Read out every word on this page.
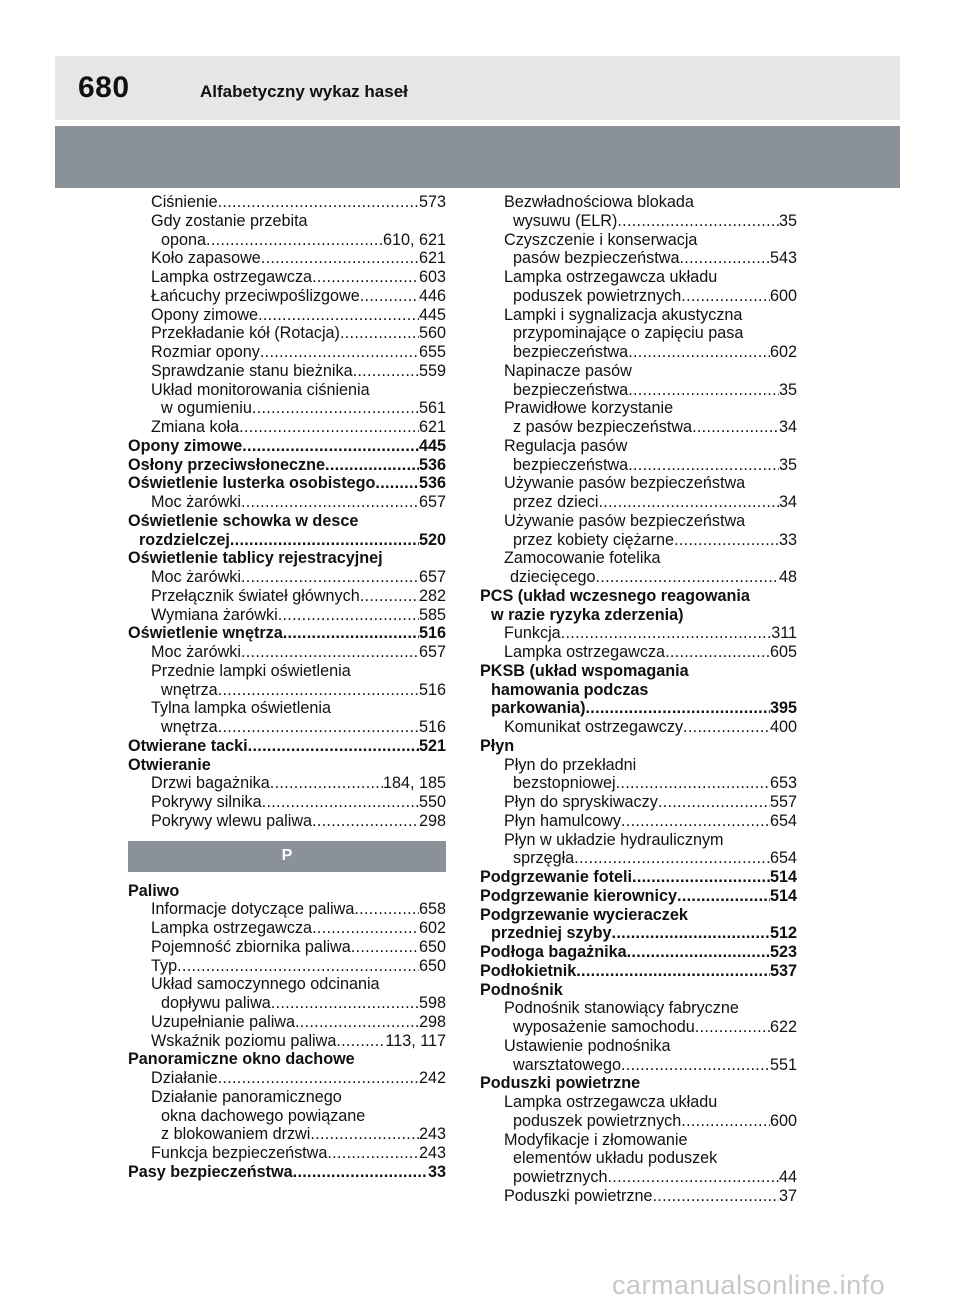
680	Alfabetyczny wykaz haseł
Ciśnienie .....	573
Gdy zostanie przebita
opona .....	610, 621
Koło zapasowe .....	621
Lampka ostrzegawcza .....	603
Łańcuchy przeciwpoślizgowe .....	446
Opony zimowe .....	445
Przekładanie kół (Rotacja) .....	560
Rozmiar opony .....	655
Sprawdzanie stanu bieżnika .....	559
Układ monitorowania ciśnienia
w ogumieniu .....	561
Zmiana koła .....	621
Opony zimowe .....	445
Osłony przeciwsłoneczne .....	536
Oświetlenie lusterka osobistego .....	536
Moc żarówki .....	657
Oświetlenie schowka w desce
rozdzielczej .....	520
Oświetlenie tablicy rejestracyjnej
Moc żarówki .....	657
Przełącznik świateł głównych .....	282
Wymiana żarówki .....	585
Oświetlenie wnętrza .....	516
Moc żarówki .....	657
Przednie lampki oświetlenia
wnętrza .....	516
Tylna lampka oświetlenia
wnętrza .....	516
Otwierane tacki .....	521
Otwieranie
Drzwi bagażnika .....	184, 185
Pokrywy silnika .....	550
Pokrywy wlewu paliwa .....	298
P
Paliwo
Informacje dotyczące paliwa .....	658
Lampka ostrzegawcza .....	602
Pojemność zbiornika paliwa .....	650
Typ .....	650
Układ samoczynnego odcinania
dopływu paliwa .....	598
Uzupełnianie paliwa .....	298
Wskaźnik poziomu paliwa .....	113, 117
Panoramiczne okno dachowe
Działanie .....	242
Działanie panoramicznego
okna dachowego powiązane
z blokowaniem drzwi .....	243
Funkcja bezpieczeństwa .....	243
Pasy bezpieczeństwa .....	33
Bezwładnościowa blokada
wysuwu (ELR) .....	35
Czyszczenie i konserwacja
pasów bezpieczeństwa .....	543
Lampka ostrzegawcza układu
poduszek powietrznych .....	600
Lampki i sygnalizacja akustyczna
przypominające o zapięciu pasa
bezpieczeństwa .....	602
Napinacze pasów
bezpieczeństwa .....	35
Prawidłowe korzystanie
z pasów bezpieczeństwa .....	34
Regulacja pasów
bezpieczeństwa .....	35
Używanie pasów bezpieczeństwa
przez dzieci .....	34
Używanie pasów bezpieczeństwa
przez kobiety ciężarne .....	33
Zamocowanie fotelika
dziecięcego .....	48
PCS (układ wczesnego reagowania
w razie ryzyka zderzenia)
Funkcja .....	311
Lampka ostrzegawcza .....	605
PKSB (układ wspomagania
hamowania podczas
parkowania) .....	395
Komunikat ostrzegawczy .....	400
Płyn
Płyn do przekładni
bezstopniowej .....	653
Płyn do spryskiwaczy .....	557
Płyn hamulcowy .....	654
Płyn w układzie hydraulicznym
sprzęgła .....	654
Podgrzewanie foteli .....	514
Podgrzewanie kierownicy .....	514
Podgrzewanie wycieraczek
przedniej szyby .....	512
Podłoga bagażnika .....	523
Podłokietnik .....	537
Podnośnik
Podnośnik stanowiący fabryczne
wyposażenie samochodu .....	622
Ustawienie podnośnika
warsztatowego .....	551
Poduszki powietrzne
Lampka ostrzegawcza układu
poduszek powietrznych .....	600
Modyfikacje i złomowanie
elementów układu poduszek
powietrznych .....	44
Poduszki powietrzne .....	37
carmanualsonline.info
